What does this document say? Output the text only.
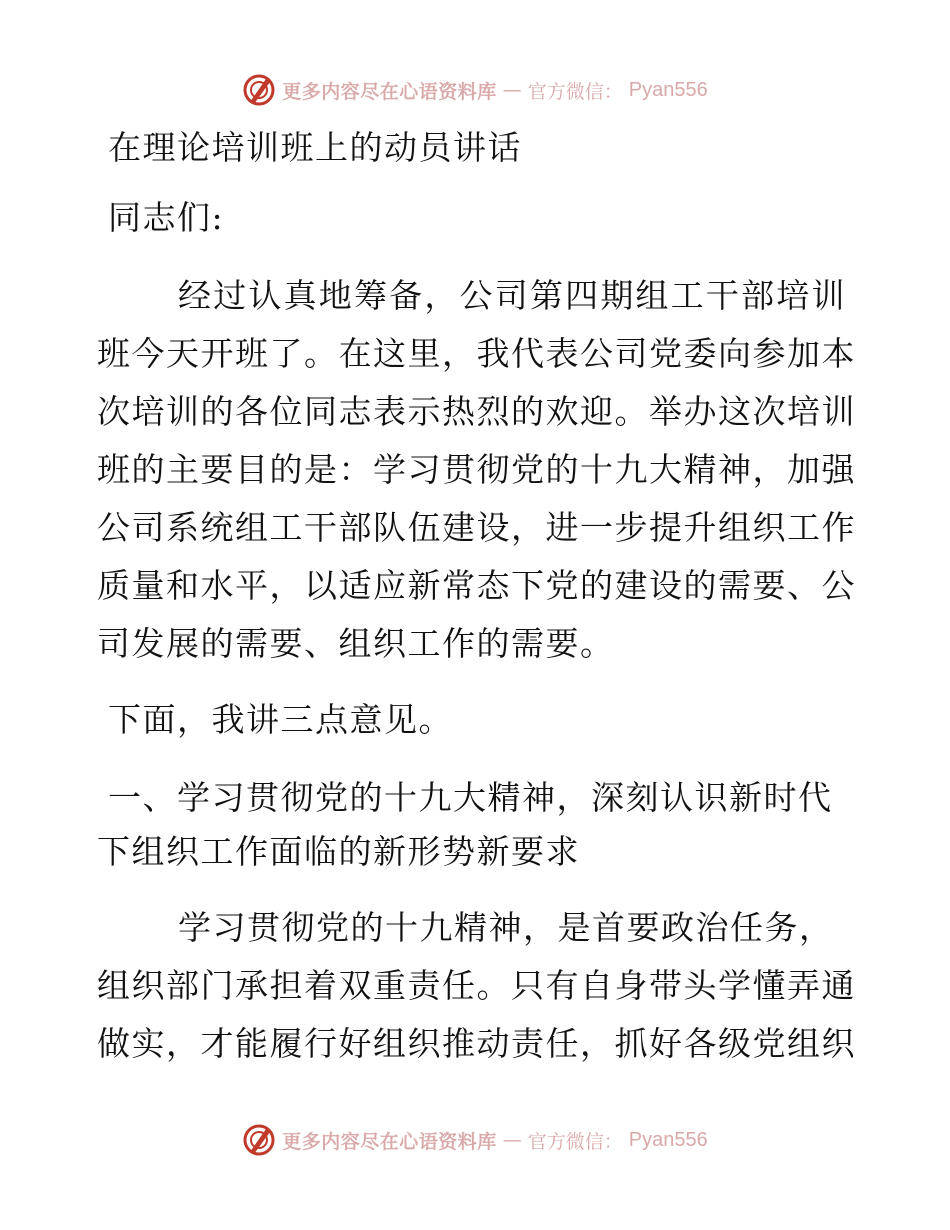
更多内容尽在心语资料库 — 官方微信： Pyan556
在理论培训班上的动员讲话
同志们:
经过认真地筹备，公司第四期组工干部培训
班今天开班了。在这里，我代表公司党委向参加本
次培训的各位同志表示热烈的欢迎。举办这次培训
班的主要目的是：学习贯彻党的十九大精神，加强
公司系统组工干部队伍建设，进一步提升组织工作
质量和水平，以适应新常态下党的建设的需要、公
司发展的需要、组织工作的需要。
下面，我讲三点意见。
一、学习贯彻党的十九大精神，深刻认识新时代
下组织工作面临的新形势新要求
学习贯彻党的十九精神，是首要政治任务，
组织部门承担着双重责任。只有自身带头学懂弄通
做实，才能履行好组织推动责任，抓好各级党组织
更多内容尽在心语资料库 — 官方微信： Pyan556
